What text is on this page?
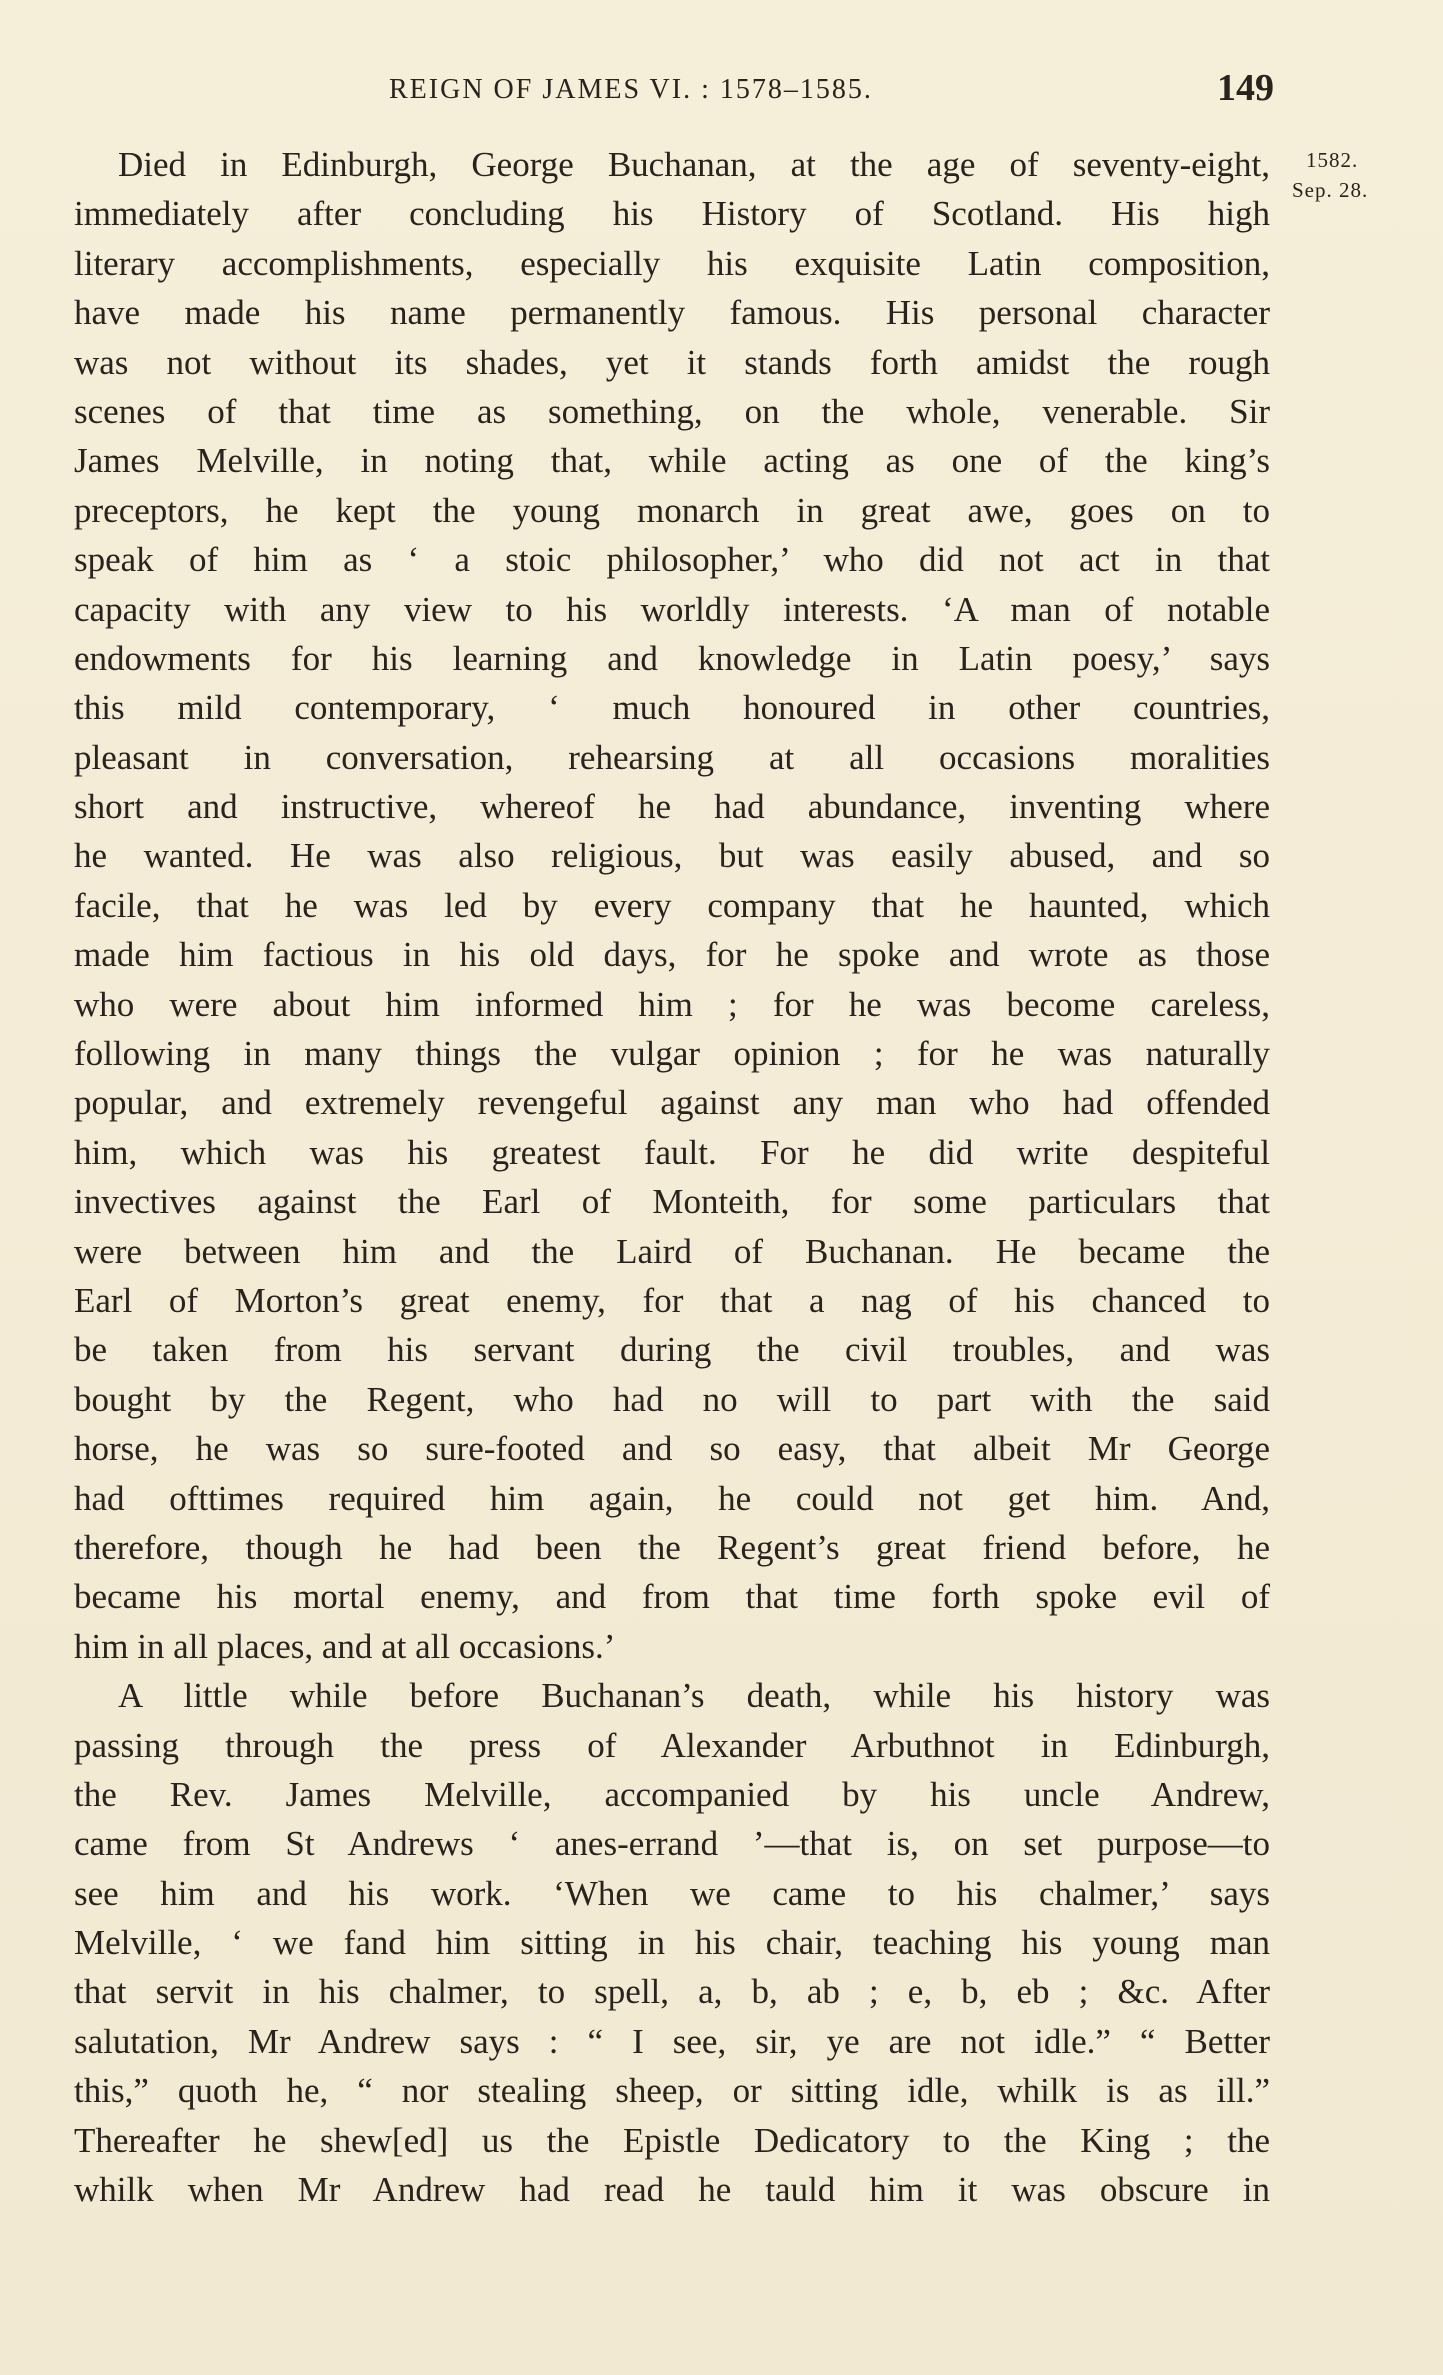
REIGN OF JAMES VI. : 1578–1585.	149
1582.
Sep. 28.
Died in Edinburgh, George Buchanan, at the age of seventy-eight,
immediately after concluding his History of Scotland. His high
literary accomplishments, especially his exquisite Latin composition,
have made his name permanently famous. His personal character
was not without its shades, yet it stands forth amidst the rough
scenes of that time as something, on the whole, venerable. Sir
James Melville, in noting that, while acting as one of the king’s
preceptors, he kept the young monarch in great awe, goes on to
speak of him as ‘ a stoic philosopher,’ who did not act in that
capacity with any view to his worldly interests. ‘A man of notable
endowments for his learning and knowledge in Latin poesy,’ says
this mild contemporary, ‘ much honoured in other countries,
pleasant in conversation, rehearsing at all occasions moralities
short and instructive, whereof he had abundance, inventing where
he wanted. He was also religious, but was easily abused, and so
facile, that he was led by every company that he haunted, which
made him factious in his old days, for he spoke and wrote as those
who were about him informed him ; for he was become careless,
following in many things the vulgar opinion ; for he was naturally
popular, and extremely revengeful against any man who had offended
him, which was his greatest fault. For he did write despiteful
invectives against the Earl of Monteith, for some particulars that
were between him and the Laird of Buchanan. He became the
Earl of Morton’s great enemy, for that a nag of his chanced to
be taken from his servant during the civil troubles, and was
bought by the Regent, who had no will to part with the said
horse, he was so sure-footed and so easy, that albeit Mr George
had ofttimes required him again, he could not get him. And,
therefore, though he had been the Regent’s great friend before, he
became his mortal enemy, and from that time forth spoke evil of
him in all places, and at all occasions.’
A little while before Buchanan’s death, while his history was
passing through the press of Alexander Arbuthnot in Edinburgh,
the Rev. James Melville, accompanied by his uncle Andrew,
came from St Andrews ‘ anes-errand ’—that is, on set purpose—to
see him and his work. ‘When we came to his chalmer,’ says
Melville, ‘ we fand him sitting in his chair, teaching his young man
that servit in his chalmer, to spell, a, b, ab ; e, b, eb ; &c. After
salutation, Mr Andrew says : “ I see, sir, ye are not idle.” “ Better
this,” quoth he, “ nor stealing sheep, or sitting idle, whilk is as ill.”
Thereafter he shew[ed] us the Epistle Dedicatory to the King ; the
whilk when Mr Andrew had read he tauld him it was obscure in
